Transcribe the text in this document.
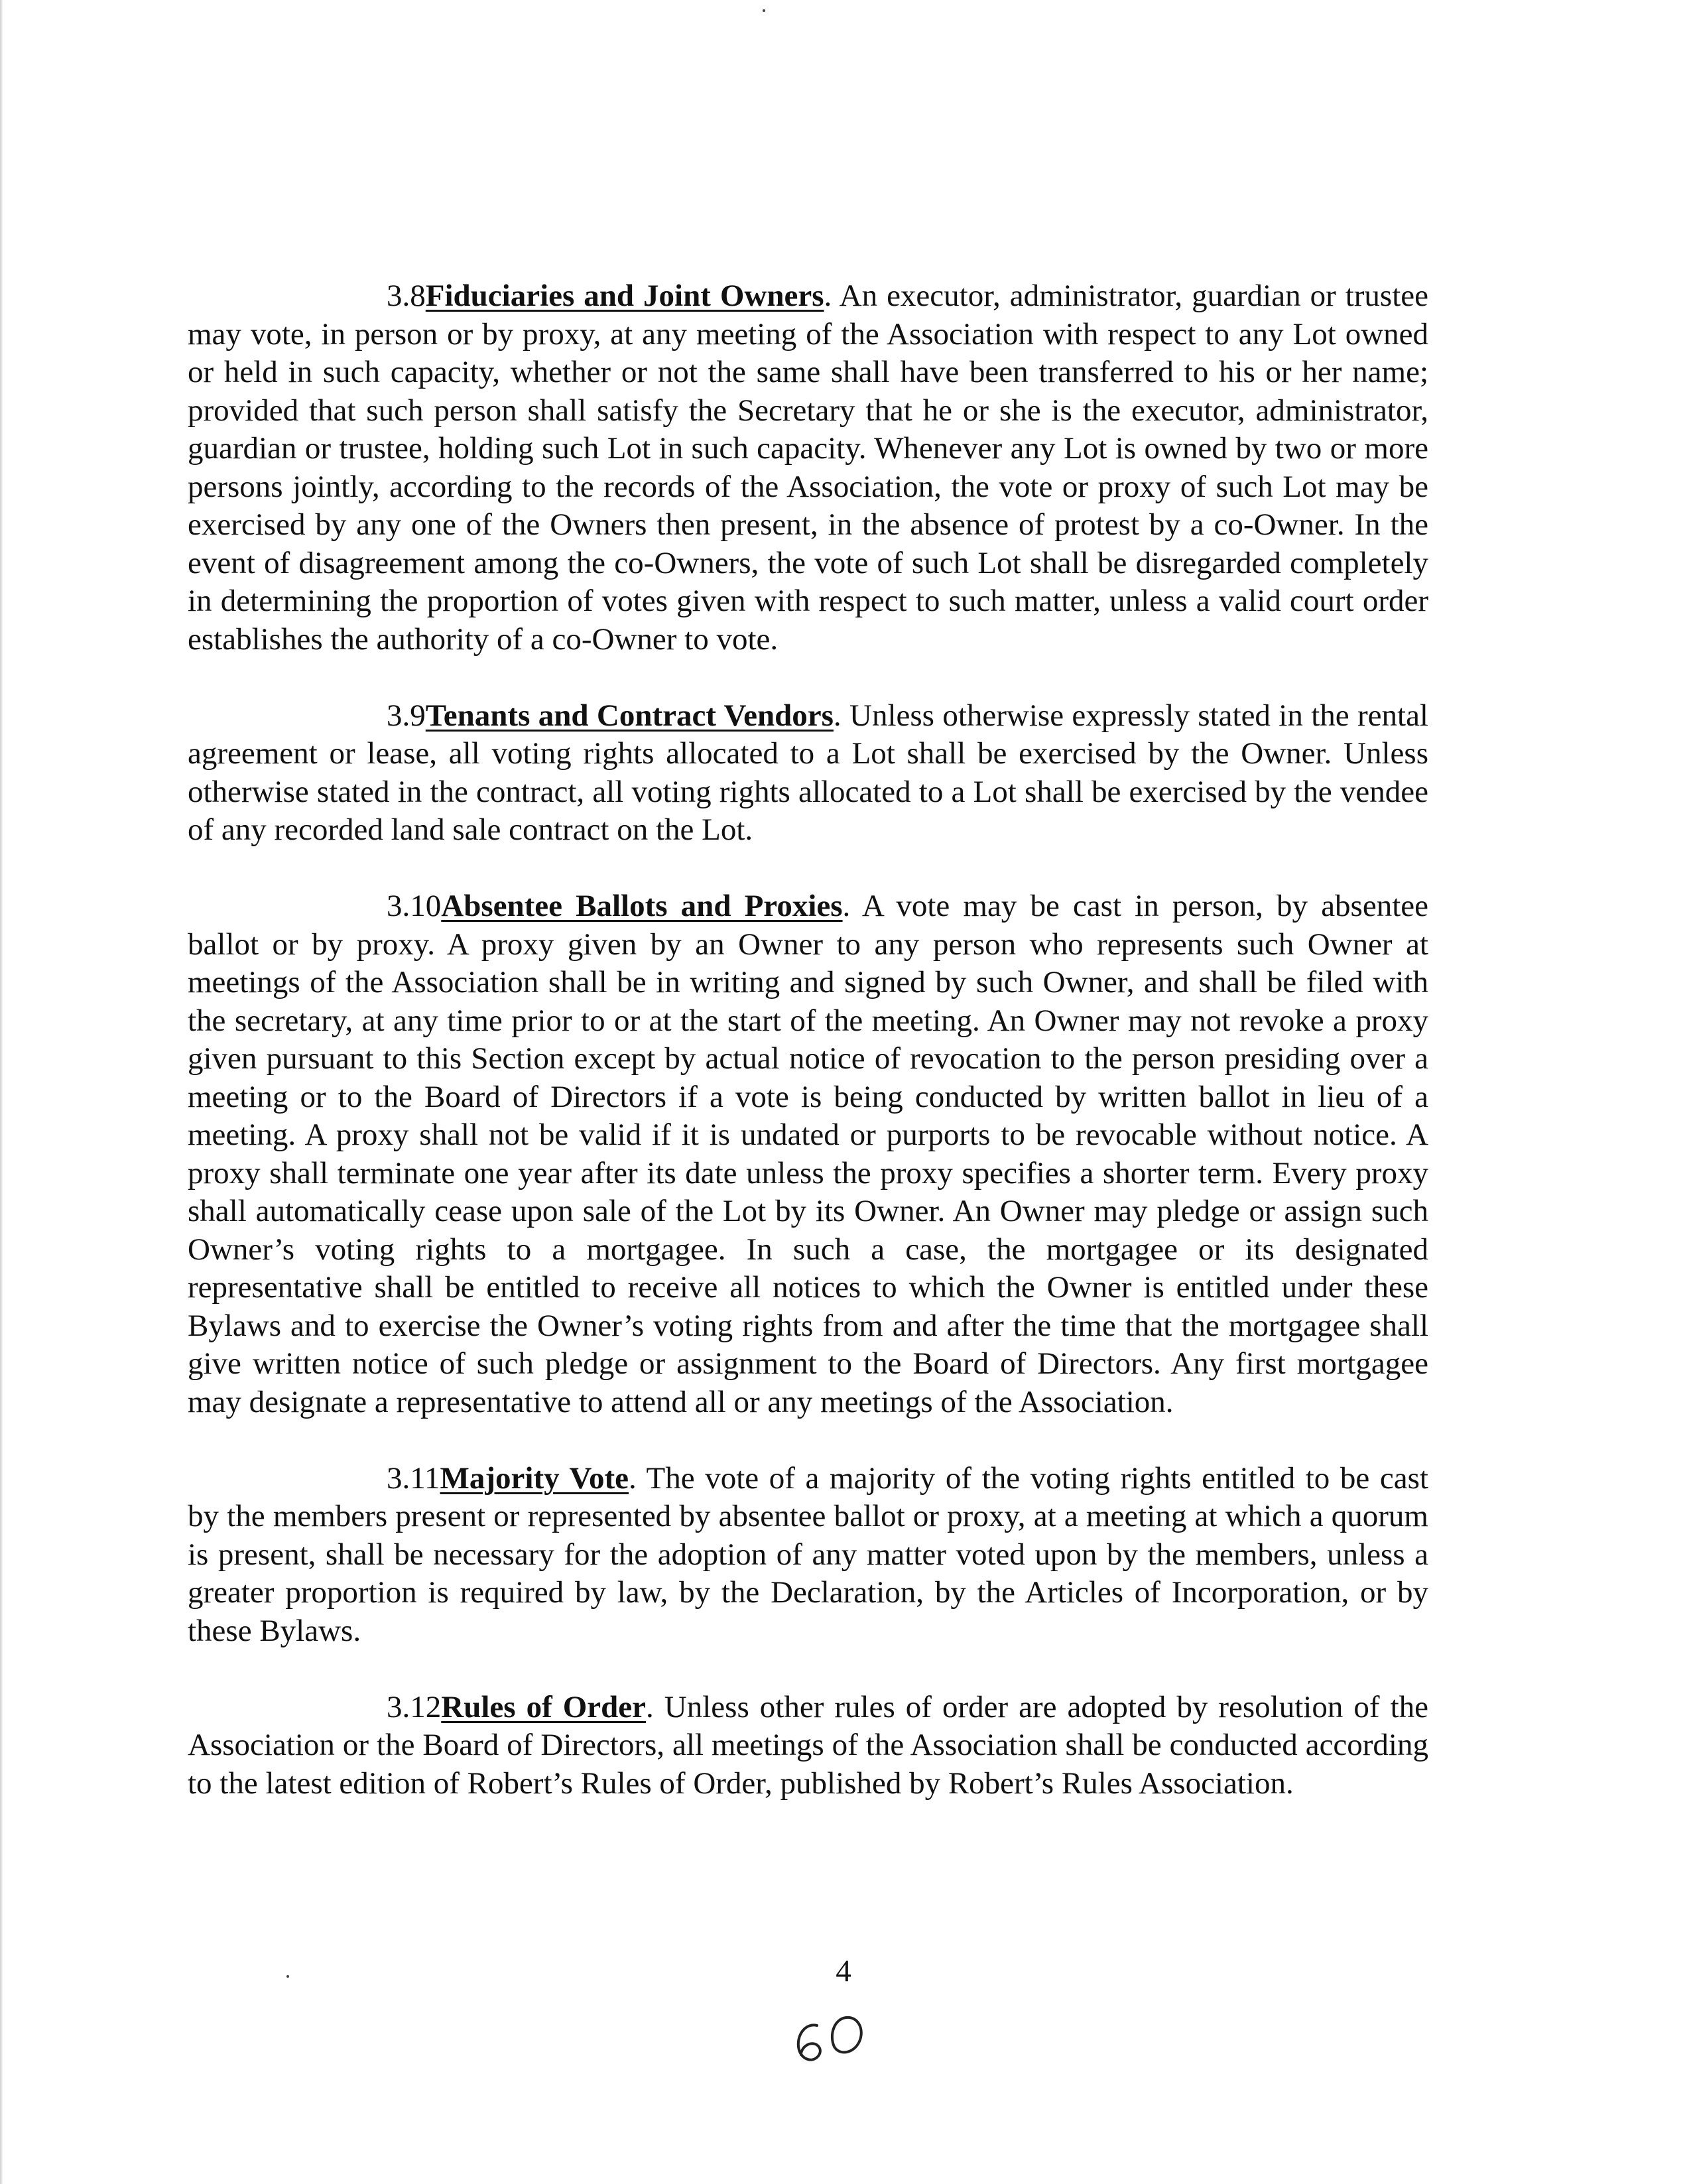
3.8Fiduciaries and Joint Owners. An executor, administrator, guardian or trustee may vote, in person or by proxy, at any meeting of the Association with respect to any Lot owned or held in such capacity, whether or not the same shall have been transferred to his or her name; provided that such person shall satisfy the Secretary that he or she is the executor, administrator, guardian or trustee, holding such Lot in such capacity. Whenever any Lot is owned by two or more persons jointly, according to the records of the Association, the vote or proxy of such Lot may be exercised by any one of the Owners then present, in the absence of protest by a co-Owner. In the event of disagreement among the co-Owners, the vote of such Lot shall be disregarded completely in determining the proportion of votes given with respect to such matter, unless a valid court order establishes the authority of a co-Owner to vote.

3.9Tenants and Contract Vendors. Unless otherwise expressly stated in the rental agreement or lease, all voting rights allocated to a Lot shall be exercised by the Owner. Unless otherwise stated in the contract, all voting rights allocated to a Lot shall be exercised by the vendee of any recorded land sale contract on the Lot.

3.10Absentee Ballots and Proxies. A vote may be cast in person, by absentee ballot or by proxy. A proxy given by an Owner to any person who represents such Owner at meetings of the Association shall be in writing and signed by such Owner, and shall be filed with the secretary, at any time prior to or at the start of the meeting. An Owner may not revoke a proxy given pursuant to this Section except by actual notice of revocation to the person presiding over a meeting or to the Board of Directors if a vote is being conducted by written ballot in lieu of a meeting. A proxy shall not be valid if it is undated or purports to be revocable without notice. A proxy shall terminate one year after its date unless the proxy specifies a shorter term. Every proxy shall automatically cease upon sale of the Lot by its Owner. An Owner may pledge or assign such Owner’s voting rights to a mortgagee. In such a case, the mortgagee or its designated representative shall be entitled to receive all notices to which the Owner is entitled under these Bylaws and to exercise the Owner’s voting rights from and after the time that the mortgagee shall give written notice of such pledge or assignment to the Board of Directors. Any first mortgagee may designate a representative to attend all or any meetings of the Association.

3.11Majority Vote. The vote of a majority of the voting rights entitled to be cast by the members present or represented by absentee ballot or proxy, at a meeting at which a quorum is present, shall be necessary for the adoption of any matter voted upon by the members, unless a greater proportion is required by law, by the Declaration, by the Articles of Incorporation, or by these Bylaws.

3.12Rules of Order. Unless other rules of order are adopted by resolution of the Association or the Board of Directors, all meetings of the Association shall be conducted according to the latest edition of Robert’s Rules of Order, published by Robert’s Rules Association.

4
